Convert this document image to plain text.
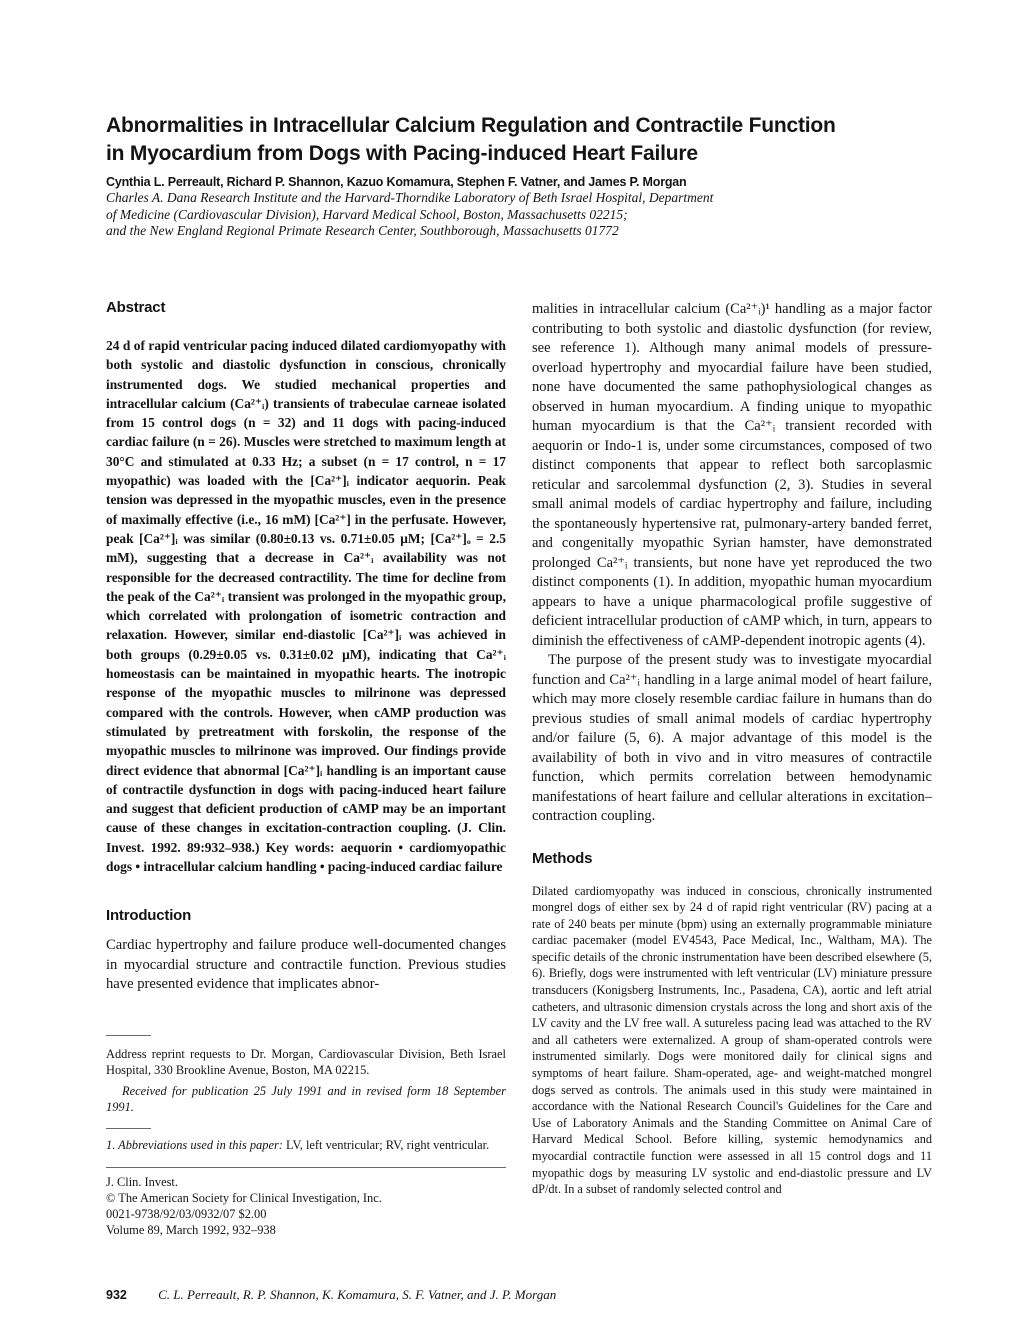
Abnormalities in Intracellular Calcium Regulation and Contractile Function
in Myocardium from Dogs with Pacing-induced Heart Failure

Cynthia L. Perreault, Richard P. Shannon, Kazuo Komamura, Stephen F. Vatner, and James P. Morgan

Charles A. Dana Research Institute and the Harvard-Thorndike Laboratory of Beth Israel Hospital, Department
of Medicine (Cardiovascular Division), Harvard Medical School, Boston, Massachusetts 02215;
and the New England Regional Primate Research Center, Southborough, Massachusetts 01772

Abstract

24 d of rapid ventricular pacing induced dilated cardiomyopathy with both systolic and diastolic dysfunction in conscious, chronically instrumented dogs. We studied mechanical properties and intracellular calcium (Ca²⁺ᵢ) transients of trabeculae carneae isolated from 15 control dogs (n = 32) and 11 dogs with pacing-induced cardiac failure (n = 26). Muscles were stretched to maximum length at 30°C and stimulated at 0.33 Hz; a subset (n = 17 control, n = 17 myopathic) was loaded with the [Ca²⁺]ᵢ indicator aequorin. Peak tension was depressed in the myopathic muscles, even in the presence of maximally effective (i.e., 16 mM) [Ca²⁺] in the perfusate. However, peak [Ca²⁺]ᵢ was similar (0.80±0.13 vs. 0.71±0.05 μM; [Ca²⁺]ₒ = 2.5 mM), suggesting that a decrease in Ca²⁺ᵢ availability was not responsible for the decreased contractility. The time for decline from the peak of the Ca²⁺ᵢ transient was prolonged in the myopathic group, which correlated with prolongation of isometric contraction and relaxation. However, similar end-diastolic [Ca²⁺]ᵢ was achieved in both groups (0.29±0.05 vs. 0.31±0.02 μM), indicating that Ca²⁺ᵢ homeostasis can be maintained in myopathic hearts. The inotropic response of the myopathic muscles to milrinone was depressed compared with the controls. However, when cAMP production was stimulated by pretreatment with forskolin, the response of the myopathic muscles to milrinone was improved. Our findings provide direct evidence that abnormal [Ca²⁺]ᵢ handling is an important cause of contractile dysfunction in dogs with pacing-induced heart failure and suggest that deficient production of cAMP may be an important cause of these changes in excitation-contraction coupling. (J. Clin. Invest. 1992. 89:932–938.) Key words: aequorin • cardiomyopathic dogs • intracellular calcium handling • pacing-induced cardiac failure

Introduction

Cardiac hypertrophy and failure produce well-documented changes in myocardial structure and contractile function. Previous studies have presented evidence that implicates abnor-

Address reprint requests to Dr. Morgan, Cardiovascular Division, Beth Israel Hospital, 330 Brookline Avenue, Boston, MA 02215.

Received for publication 25 July 1991 and in revised form 18 September 1991.

1. Abbreviations used in this paper: LV, left ventricular; RV, right ventricular.

J. Clin. Invest.
© The American Society for Clinical Investigation, Inc.
0021-9738/92/03/0932/07 $2.00
Volume 89, March 1992, 932–938

malities in intracellular calcium (Ca²⁺ᵢ)¹ handling as a major factor contributing to both systolic and diastolic dysfunction (for review, see reference 1). Although many animal models of pressure-overload hypertrophy and myocardial failure have been studied, none have documented the same pathophysiological changes as observed in human myocardium. A finding unique to myopathic human myocardium is that the Ca²⁺ᵢ transient recorded with aequorin or Indo-1 is, under some circumstances, composed of two distinct components that appear to reflect both sarcoplasmic reticular and sarcolemmal dysfunction (2, 3). Studies in several small animal models of cardiac hypertrophy and failure, including the spontaneously hypertensive rat, pulmonary-artery banded ferret, and congenitally myopathic Syrian hamster, have demonstrated prolonged Ca²⁺ᵢ transients, but none have yet reproduced the two distinct components (1). In addition, myopathic human myocardium appears to have a unique pharmacological profile suggestive of deficient intracellular production of cAMP which, in turn, appears to diminish the effectiveness of cAMP-dependent inotropic agents (4).

The purpose of the present study was to investigate myocardial function and Ca²⁺ᵢ handling in a large animal model of heart failure, which may more closely resemble cardiac failure in humans than do previous studies of small animal models of cardiac hypertrophy and/or failure (5, 6). A major advantage of this model is the availability of both in vivo and in vitro measures of contractile function, which permits correlation between hemodynamic manifestations of heart failure and cellular alterations in excitation–contraction coupling.

Methods

Dilated cardiomyopathy was induced in conscious, chronically instrumented mongrel dogs of either sex by 24 d of rapid right ventricular (RV) pacing at a rate of 240 beats per minute (bpm) using an externally programmable miniature cardiac pacemaker (model EV4543, Pace Medical, Inc., Waltham, MA). The specific details of the chronic instrumentation have been described elsewhere (5, 6). Briefly, dogs were instrumented with left ventricular (LV) miniature pressure transducers (Konigsberg Instruments, Inc., Pasadena, CA), aortic and left atrial catheters, and ultrasonic dimension crystals across the long and short axis of the LV cavity and the LV free wall. A sutureless pacing lead was attached to the RV and all catheters were externalized. A group of sham-operated controls were instrumented similarly. Dogs were monitored daily for clinical signs and symptoms of heart failure. Sham-operated, age- and weight-matched mongrel dogs served as controls. The animals used in this study were maintained in accordance with the National Research Council's Guidelines for the Care and Use of Laboratory Animals and the Standing Committee on Animal Care of Harvard Medical School. Before killing, systemic hemodynamics and myocardial contractile function were assessed in all 15 control dogs and 11 myopathic dogs by measuring LV systolic and end-diastolic pressure and LV dP/dt. In a subset of randomly selected control and

932 C. L. Perreault, R. P. Shannon, K. Komamura, S. F. Vatner, and J. P. Morgan
